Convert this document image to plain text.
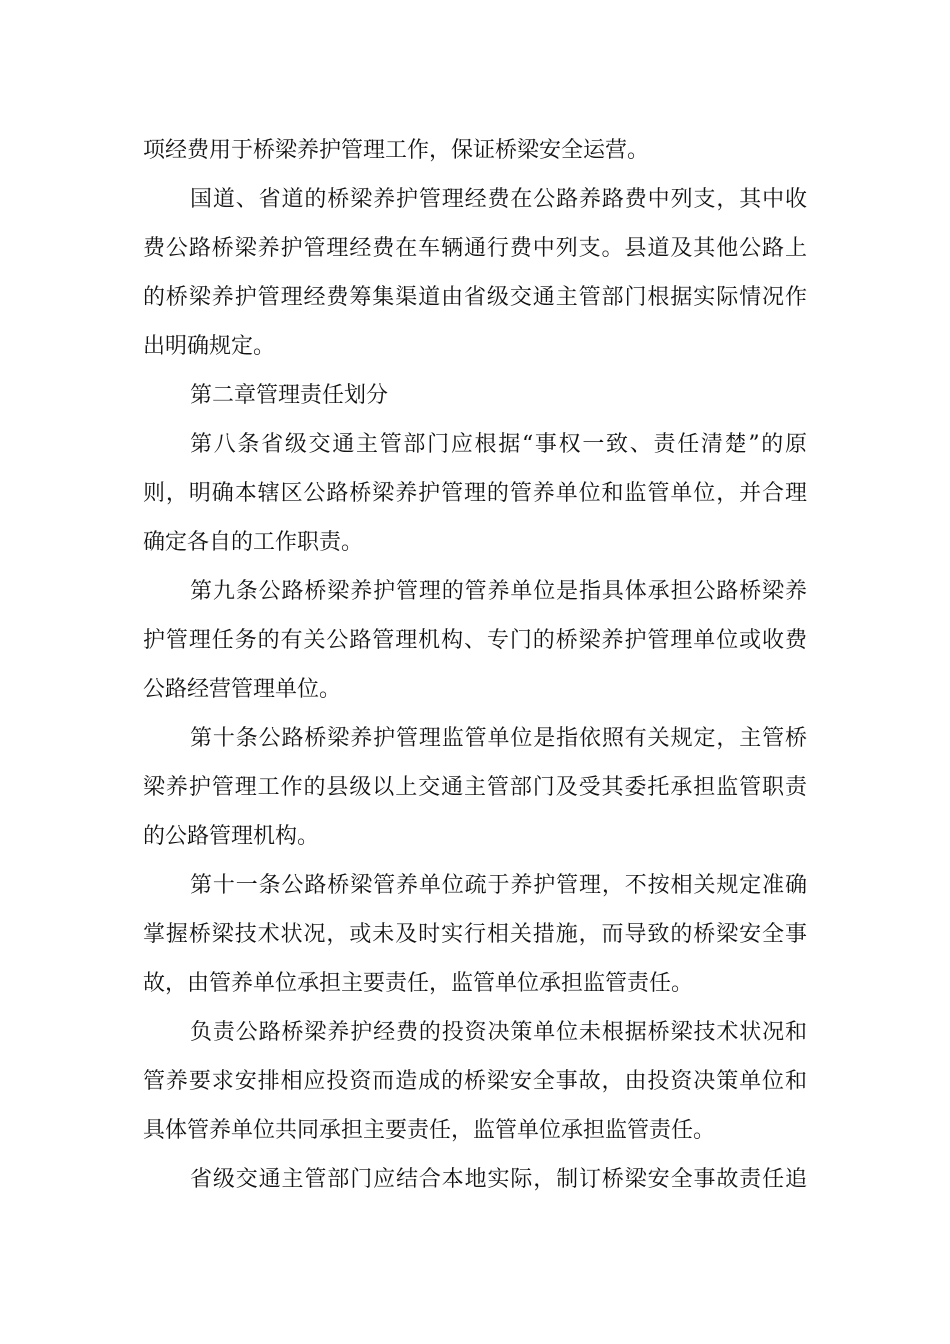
项经费用于桥梁养护管理工作，保证桥梁安全运营。
国道、省道的桥梁养护管理经费在公路养路费中列支，其中收
费公路桥梁养护管理经费在车辆通行费中列支。县道及其他公路上
的桥梁养护管理经费筹集渠道由省级交通主管部门根据实际情况作
出明确规定。
第二章管理责任划分
第八条省级交通主管部门应根据“事权一致、责任清楚”的原
则，明确本辖区公路桥梁养护管理的管养单位和监管单位，并合理
确定各自的工作职责。
第九条公路桥梁养护管理的管养单位是指具体承担公路桥梁养
护管理任务的有关公路管理机构、专门的桥梁养护管理单位或收费
公路经营管理单位。
第十条公路桥梁养护管理监管单位是指依照有关规定，主管桥
梁养护管理工作的县级以上交通主管部门及受其委托承担监管职责
的公路管理机构。
第十一条公路桥梁管养单位疏于养护管理，不按相关规定准确
掌握桥梁技术状况，或未及时实行相关措施，而导致的桥梁安全事
故，由管养单位承担主要责任，监管单位承担监管责任。
负责公路桥梁养护经费的投资决策单位未根据桥梁技术状况和
管养要求安排相应投资而造成的桥梁安全事故，由投资决策单位和
具体管养单位共同承担主要责任，监管单位承担监管责任。
省级交通主管部门应结合本地实际，制订桥梁安全事故责任追
